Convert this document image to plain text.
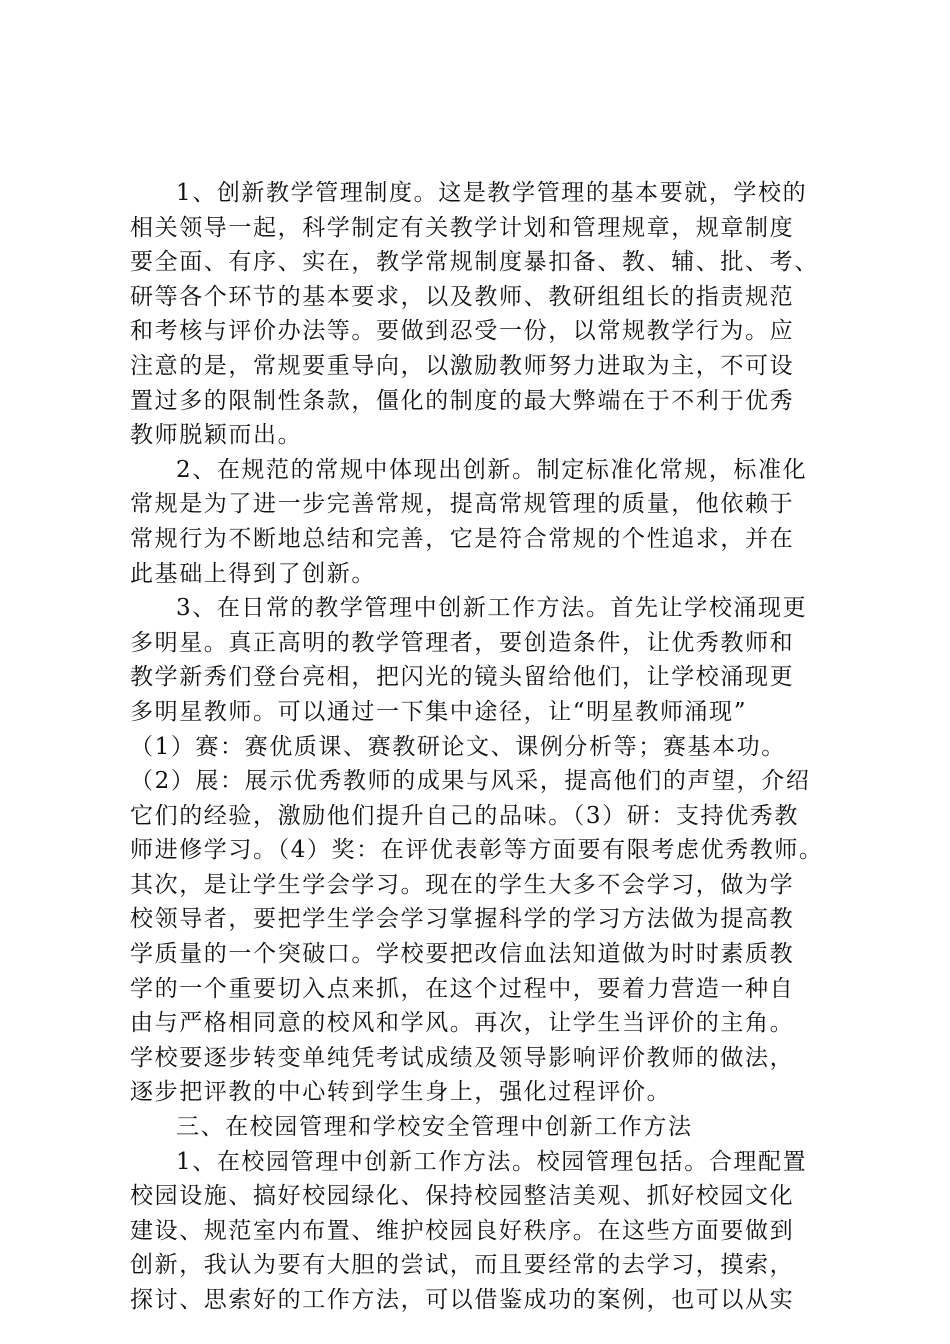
1、创新教学管理制度。这是教学管理的基本要就，学校的
相关领导一起，科学制定有关教学计划和管理规章，规章制度
要全面、有序、实在，教学常规制度暴扣备、教、辅、批、考、
研等各个环节的基本要求，以及教师、教研组组长的指责规范
和考核与评价办法等。要做到忍受一份，以常规教学行为。应
注意的是，常规要重导向，以激励教师努力进取为主，不可设
置过多的限制性条款，僵化的制度的最大弊端在于不利于优秀
教师脱颖而出。
2、在规范的常规中体现出创新。制定标准化常规，标准化
常规是为了进一步完善常规，提高常规管理的质量，他依赖于
常规行为不断地总结和完善，它是符合常规的个性追求，并在
此基础上得到了创新。
3、在日常的教学管理中创新工作方法。首先让学校涌现更
多明星。真正高明的教学管理者，要创造条件，让优秀教师和
教学新秀们登台亮相，把闪光的镜头留给他们，让学校涌现更
多明星教师。可以通过一下集中途径，让“明星教师涌现”
（1）赛：赛优质课、赛教研论文、课例分析等；赛基本功。
（2）展：展示优秀教师的成果与风采，提高他们的声望，介绍
它们的经验，激励他们提升自己的品味。（3）研：支持优秀教
师进修学习。（4）奖：在评优表彰等方面要有限考虑优秀教师。
其次，是让学生学会学习。现在的学生大多不会学习，做为学
校领导者，要把学生学会学习掌握科学的学习方法做为提高教
学质量的一个突破口。学校要把改信血法知道做为时时素质教
学的一个重要切入点来抓，在这个过程中，要着力营造一种自
由与严格相同意的校风和学风。再次，让学生当评价的主角。
学校要逐步转变单纯凭考试成绩及领导影响评价教师的做法，
逐步把评教的中心转到学生身上，强化过程评价。
三、在校园管理和学校安全管理中创新工作方法
1、在校园管理中创新工作方法。校园管理包括。合理配置
校园设施、搞好校园绿化、保持校园整洁美观、抓好校园文化
建设、规范室内布置、维护校园良好秩序。在这些方面要做到
创新，我认为要有大胆的尝试，而且要经常的去学习，摸索，
探讨、思索好的工作方法，可以借鉴成功的案例，也可以从实
